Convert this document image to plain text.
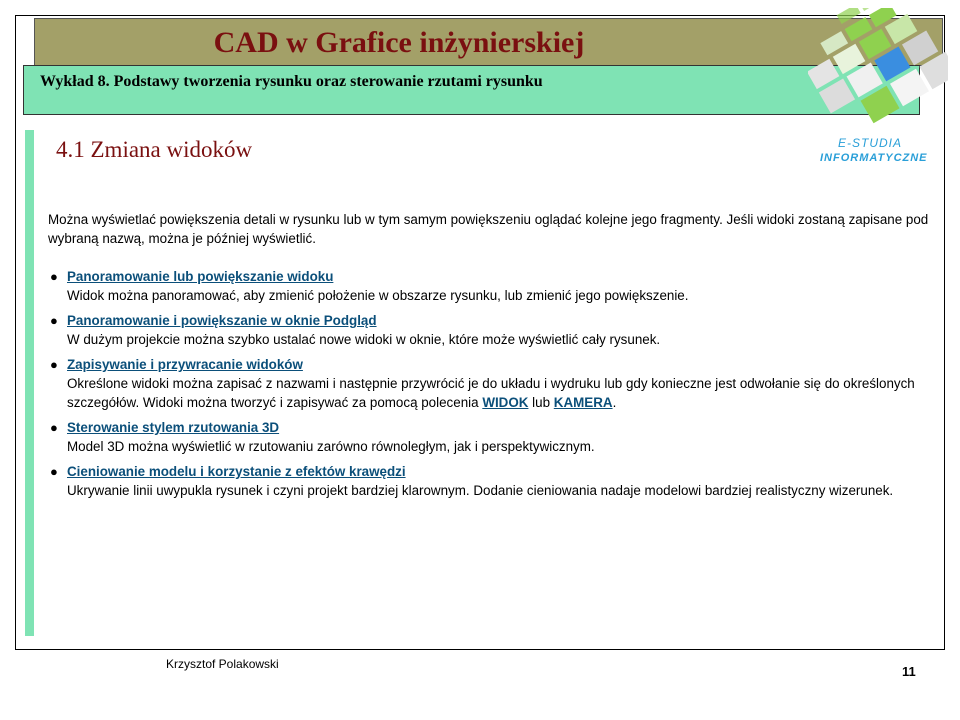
CAD w Grafice inżynierskiej
Wykład 8. Podstawy tworzenia rysunku oraz sterowanie rzutami rysunku
E-STUDIA
INFORMATYCZNE
4.1 Zmiana widoków

Można wyświetlać powiększenia detali w rysunku lub w tym samym powiększeniu oglądać kolejne jego fragmenty. Jeśli widoki zostaną zapisane pod wybraną nazwą, można je później wyświetlić.

● Panoramowanie lub powiększanie widoku
Widok można panoramować, aby zmienić położenie w obszarze rysunku, lub zmienić jego powiększenie.
● Panoramowanie i powiększanie w oknie Podgląd
W dużym projekcie można szybko ustalać nowe widoki w oknie, które może wyświetlić cały rysunek.
● Zapisywanie i przywracanie widoków
Określone widoki można zapisać z nazwami i następnie przywrócić je do układu i wydruku lub gdy konieczne jest odwołanie się do określonych szczegółów. Widoki można tworzyć i zapisywać za pomocą polecenia WIDOK lub KAMERA.
● Sterowanie stylem rzutowania 3D
Model 3D można wyświetlić w rzutowaniu zarówno równoległym, jak i perspektywicznym.
● Cieniowanie modelu i korzystanie z efektów krawędzi
Ukrywanie linii uwypukla rysunek i czyni projekt bardziej klarownym. Dodanie cieniowania nadaje modelowi bardziej realistyczny wizerunek.
Krzysztof Polakowski	11
